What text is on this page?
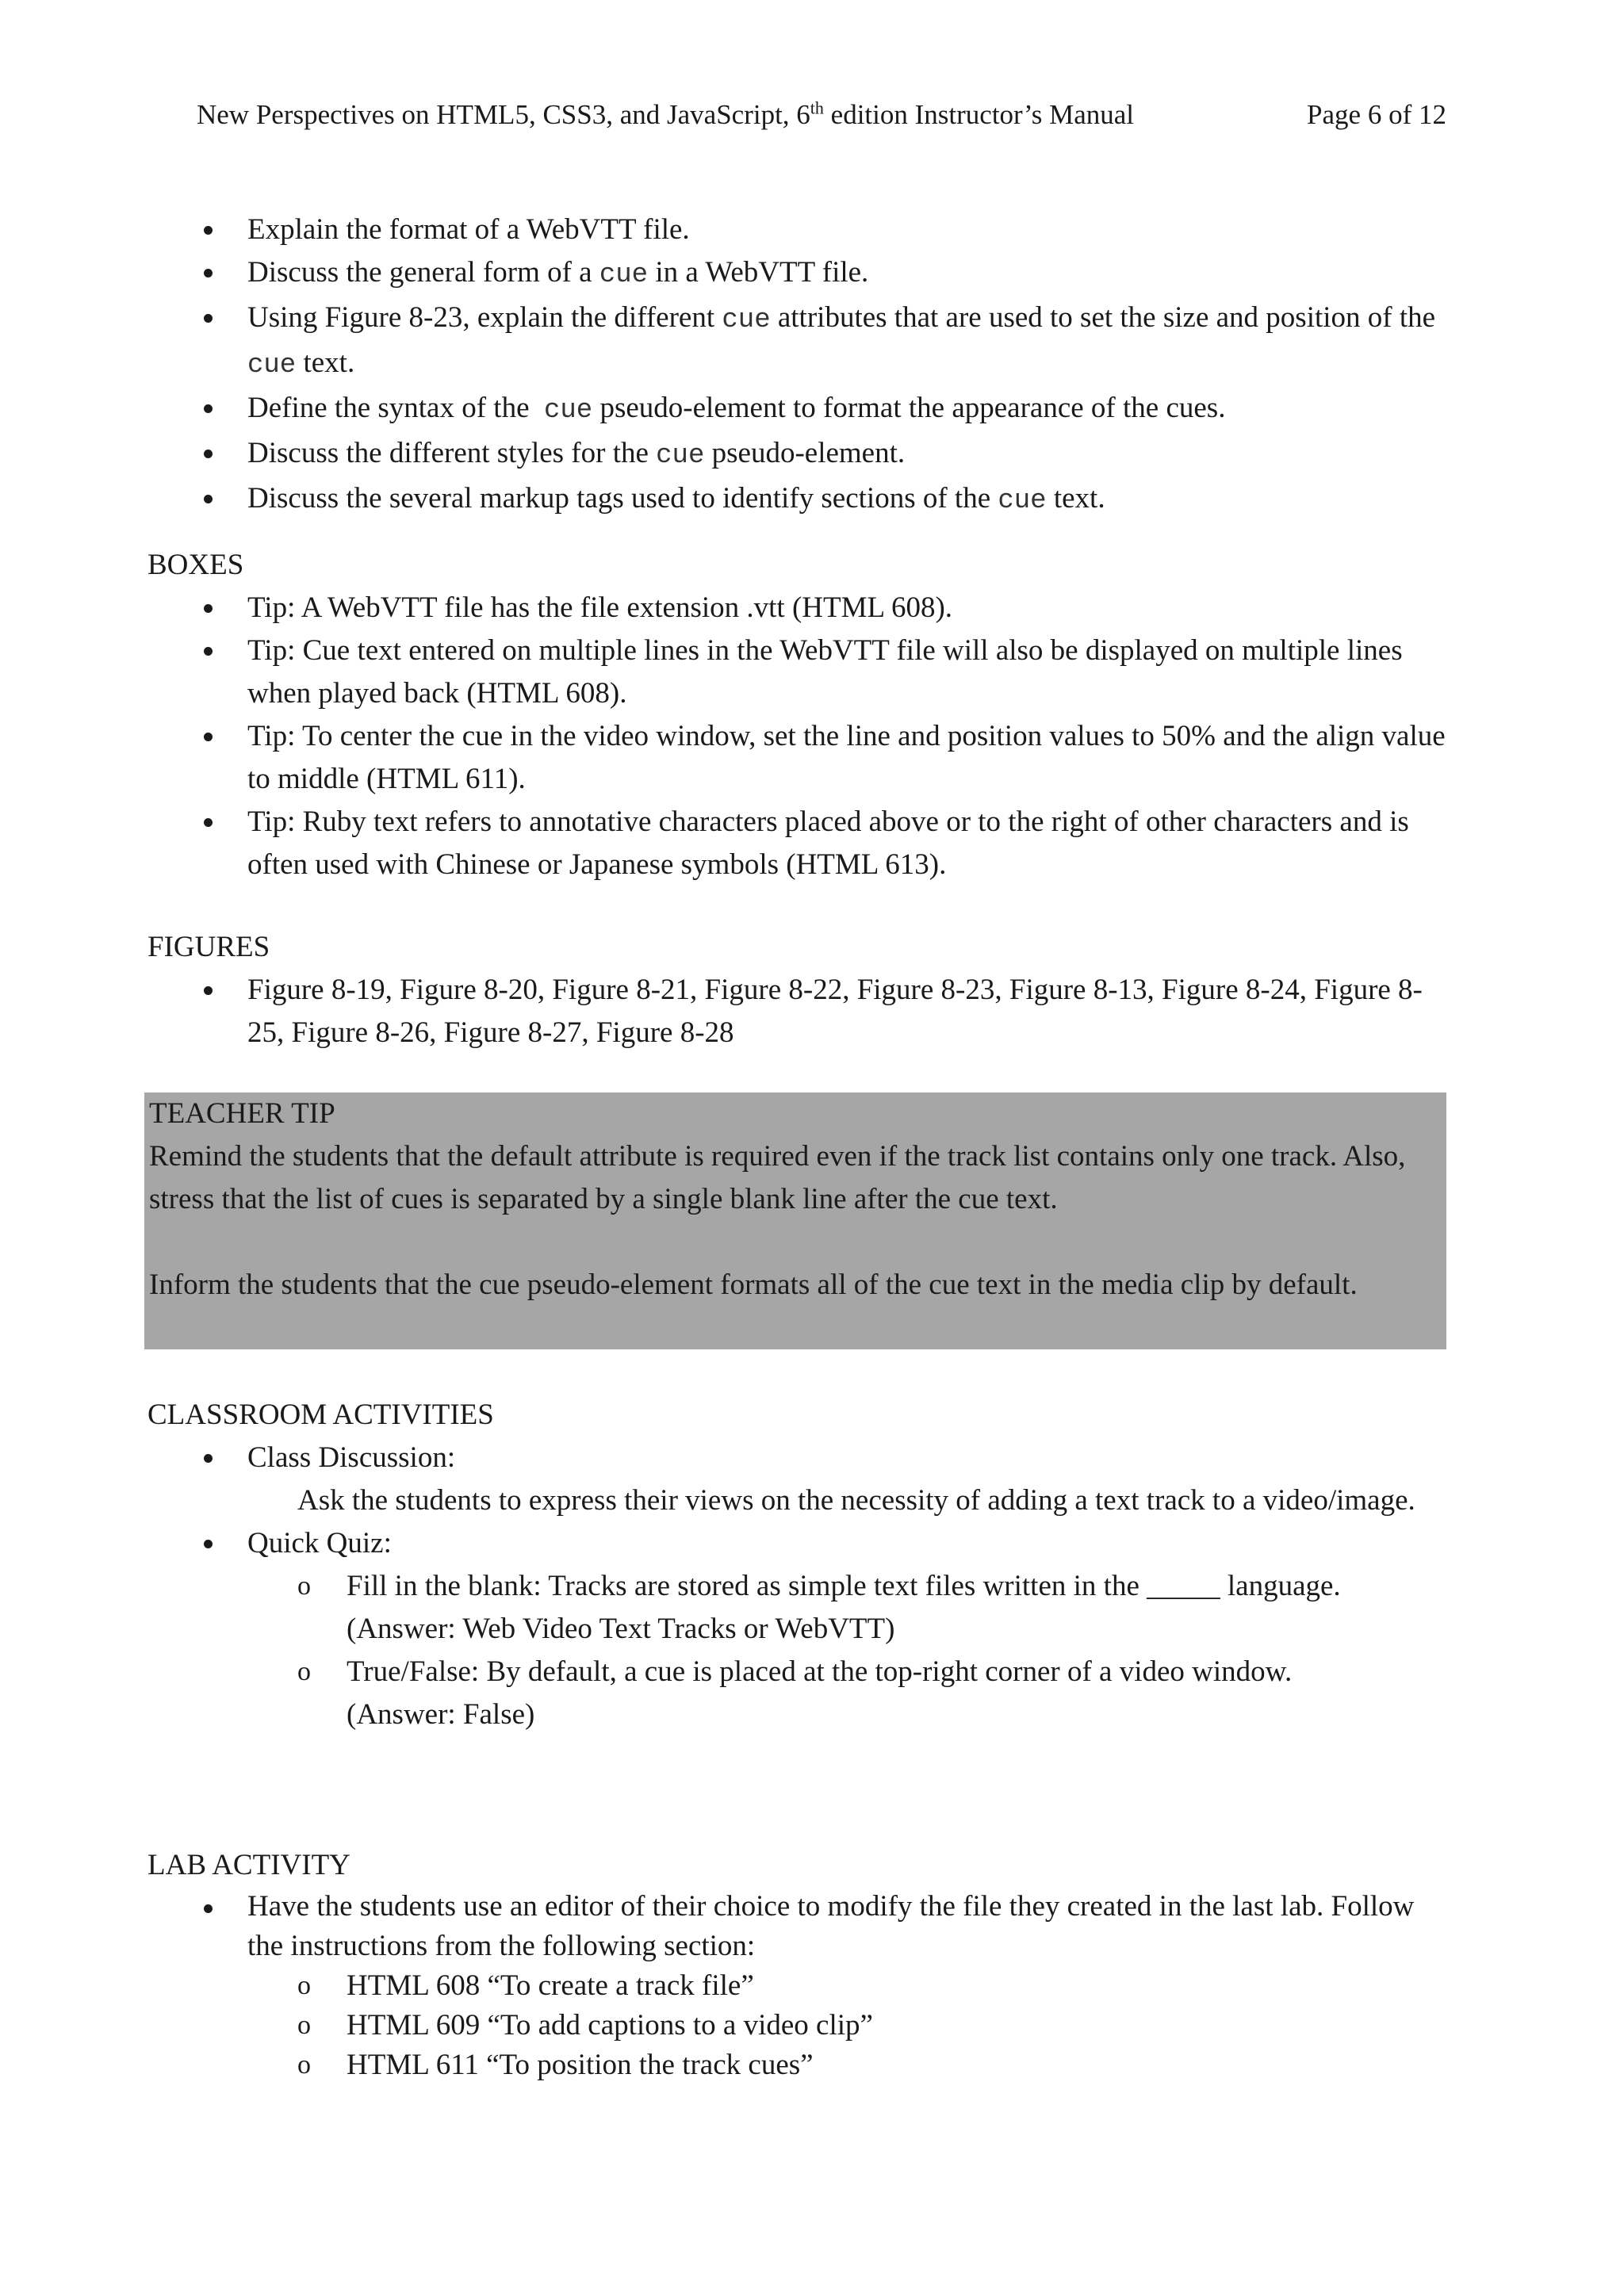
New Perspectives on HTML5, CSS3, and JavaScript, 6th edition Instructor’s Manual	Page 6 of 12
Explain the format of a WebVTT file.
Discuss the general form of a cue in a WebVTT file.
Using Figure 8-23, explain the different cue attributes that are used to set the size and position of the cue text.
Define the syntax of the  cue pseudo-element to format the appearance of the cues.
Discuss the different styles for the cue pseudo-element.
Discuss the several markup tags used to identify sections of the cue text.
BOXES
Tip: A WebVTT file has the file extension .vtt (HTML 608).
Tip: Cue text entered on multiple lines in the WebVTT file will also be displayed on multiple lines when played back (HTML 608).
Tip: To center the cue in the video window, set the line and position values to 50% and the align value to middle (HTML 611).
Tip: Ruby text refers to annotative characters placed above or to the right of other characters and is often used with Chinese or Japanese symbols (HTML 613).
FIGURES
Figure 8-19, Figure 8-20, Figure 8-21, Figure 8-22, Figure 8-23, Figure 8-13, Figure 8-24, Figure 8-25, Figure 8-26, Figure 8-27, Figure 8-28

TEACHER TIP

Remind the students that the default attribute is required even if the track list contains only one track. Also, stress that the list of cues is separated by a single blank line after the cue text.

Inform the students that the cue pseudo-element formats all of the cue text in the media clip by default.

CLASSROOM ACTIVITIES
Class Discussion:
Ask the students to express their views on the necessity of adding a text track to a video/image.
Quick Quiz:
o Fill in the blank: Tracks are stored as simple text files written in the _____ language.
(Answer: Web Video Text Tracks or WebVTT)
o True/False: By default, a cue is placed at the top-right corner of a video window.
(Answer: False)
LAB ACTIVITY
Have the students use an editor of their choice to modify the file they created in the last lab. Follow the instructions from the following section:
o HTML 608 “To create a track file”
o HTML 609 “To add captions to a video clip”
o HTML 611 “To position the track cues”
